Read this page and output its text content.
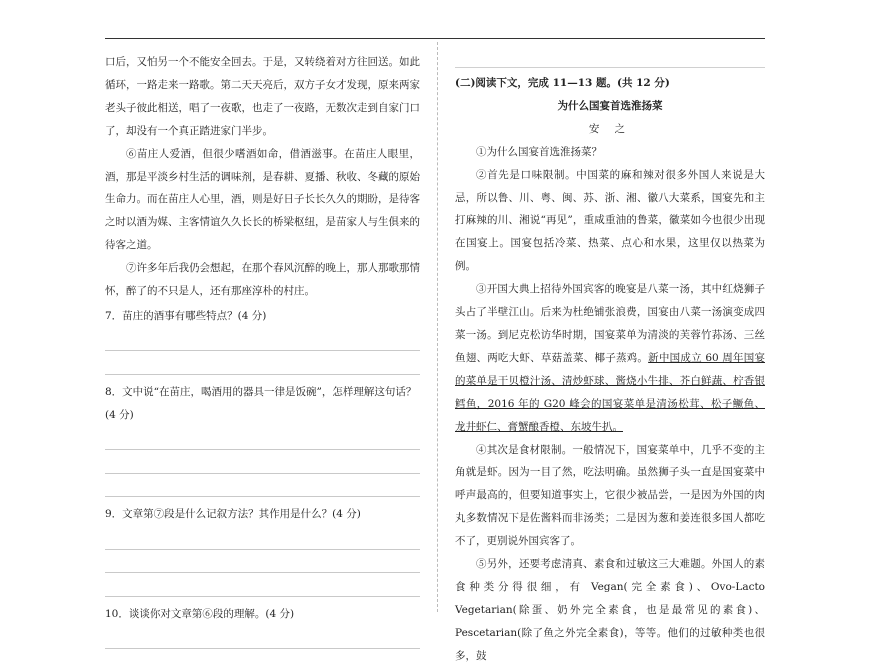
口后，又怕另一个不能安全回去。于是，又转绕着对方往回送。如此循环，一路走来一路歌。第二天天亮后，双方子女才发现，原来两家老头子彼此相送，唱了一夜歌，也走了一夜路，无数次走到自家门口了，却没有一个真正踏进家门半步。
⑥苗庄人爱酒，但很少嗜酒如命，借酒滋事。在苗庄人眼里，酒，那是平淡乡村生活的调味剂，是春耕、夏播、秋收、冬藏的原始生命力。而在苗庄人心里，酒，则是好日子长长久久的期盼，是待客之时以酒为媒、主客情谊久久长长的桥梁枢纽，是苗家人与生俱来的待客之道。
⑦许多年后我仍会想起，在那个春风沉醉的晚上，那人那歌那情怀，醉了的不只是人，还有那座淳朴的村庄。
7．苗庄的酒事有哪些特点？(4 分)
8．文中说“在苗庄，喝酒用的器具一律是饭碗”，怎样理解这句话？(4 分)
9．文章第⑦段是什么记叙方法？其作用是什么？(4 分)
10．谈谈你对文章第⑥段的理解。(4 分)
(二)阅读下文，完成 11—13 题。(共 12 分)
为什么国宴首选淮扬菜
安 之
①为什么国宴首选淮扬菜？
②首先是口味限制。中国菜的麻和辣对很多外国人来说是大忌，所以鲁、川、粤、闽、苏、浙、湘、徽八大菜系，国宴先和主打麻辣的川、湘说“再见”，重咸重油的鲁菜，徽菜如今也很少出现在国宴上。国宴包括冷菜、热菜、点心和水果，这里仅以热菜为例。
③开国大典上招待外国宾客的晚宴是八菜一汤，其中红烧狮子头占了半壁江山。后来为杜绝铺张浪费，国宴由八菜一汤演变成四菜一汤。到尼克松访华时期，国宴菜单为清淡的芙蓉竹荪汤、三丝鱼翅、两吃大虾、草菇盖菜、椰子蒸鸡。新中国成立 60 周年国宴的菜单是干贝橙汁汤、清炒虾球、酱烧小牛排、芥白鲜蔬、柠香银鳕鱼，2016 年的 G20 峰会的国宴菜单是清汤松茸、松子鳜鱼、龙井虾仁、膏蟹酿香橙、东坡牛扒。
④其次是食材限制。一般情况下，国宴菜单中，几乎不变的主角就是虾。因为一目了然，吃法明确。虽然狮子头一直是国宴菜中呼声最高的，但要知道事实上，它很少被品尝，一是因为外国的肉丸多数情况下是佐酱料而非汤类；二是因为葱和姜连很多国人都吃不了，更别说外国宾客了。
⑤另外，还要考虑清真、素食和过敏这三大难题。外国人的素食种类分得很细，有 Vegan(完全素食)、Ovo-Lacto Vegetarian(除蛋、奶外完全素食，也是最常见的素食)、Pescetarian(除了鱼之外完全素食)，等等。他们的过敏种类也很多，鼓
